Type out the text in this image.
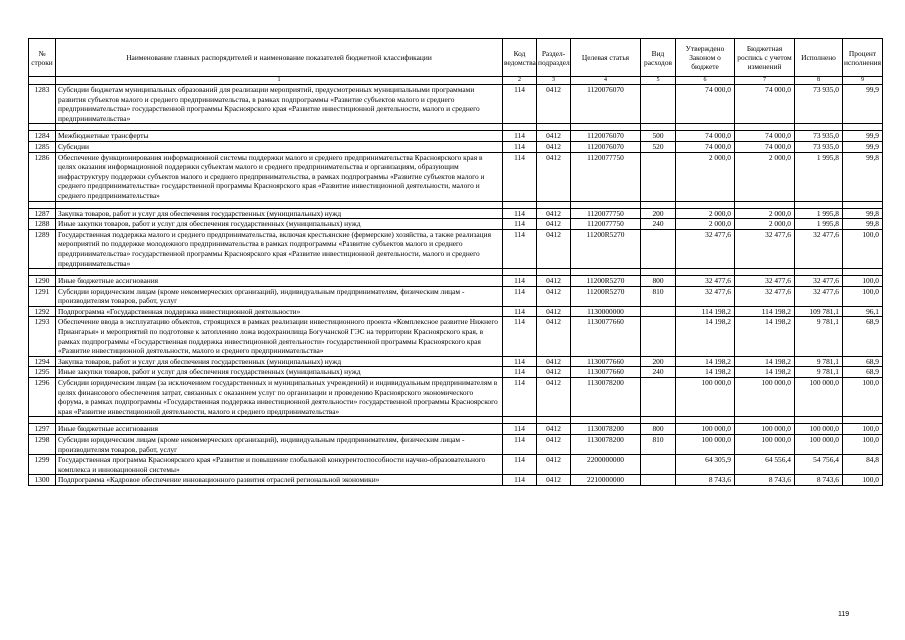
№ строки	Наименование главных распорядителей и наименование показателей бюджетной классификации	Код ведомства	Раздел-подраздел	Целевая статья	Вид расходов	Утверждено Законом о бюджете	Бюджетная роспись с учетом изменений	Исполнено	Процент исполнения
	1	2	3	4	5	6	7	8	9
1283	Субсидии бюджетам муниципальных образований для реализации мероприятий, предусмотренных муниципальными программами развития субъектов малого и среднего предпринимательства, в рамках подпрограммы «Развитие субъектов малого и среднего предпринимательства» государственной программы Красноярского края «Развитие инвестиционной деятельности, малого и среднего предпринимательства»	114	0412	1120076070		74 000,0	74 000,0	73 935,0	99,9

1284	Межбюджетные трансферты	114	0412	1120076070	500	74 000,0	74 000,0	73 935,0	99,9
1285	Субсидии	114	0412	1120076070	520	74 000,0	74 000,0	73 935,0	99,9
1286	Обеспечение функционирования информационной системы поддержки малого и среднего предпринимательства Красноярского края в целях оказания информационной поддержки субъектам малого и среднего предпринимательства и организациям, образующим инфраструктуру поддержки субъектов малого и среднего предпринимательства, в рамках подпрограммы «Развитие субъектов малого и среднего предпринимательства» государственной программы Красноярского края «Развитие инвестиционной деятельности, малого и среднего предпринимательства»	114	0412	1120077750		2 000,0	2 000,0	1 995,8	99,8

1287	Закупка товаров, работ и услуг для обеспечения государственных (муниципальных) нужд	114	0412	1120077750	200	2 000,0	2 000,0	1 995,8	99,8
1288	Иные закупки товаров, работ и услуг для обеспечения государственных (муниципальных) нужд	114	0412	1120077750	240	2 000,0	2 000,0	1 995,8	99,8
1289	Государственная поддержка малого и среднего предпринимательства, включая крестьянские (фермерские) хозяйства, а также реализация мероприятий по поддержке молодежного предпринимательства в рамках подпрограммы «Развитие субъектов малого и среднего предпринимательства» государственной программы Красноярского края «Развитие инвестиционной деятельности, малого и среднего предпринимательства»	114	0412	11200R5270		32 477,6	32 477,6	32 477,6	100,0

1290	Иные бюджетные ассигнования	114	0412	11200R5270	800	32 477,6	32 477,6	32 477,6	100,0
1291	Субсидии юридическим лицам (кроме некоммерческих организаций), индивидуальным предпринимателям, физическим лицам - производителям товаров, работ, услуг	114	0412	11200R5270	810	32 477,6	32 477,6	32 477,6	100,0
1292	Подпрограмма «Государственная поддержка инвестиционной деятельности»	114	0412	1130000000		114 198,2	114 198,2	109 781,1	96,1
1293	Обеспечение ввода в эксплуатацию объектов, строящихся в рамках реализации инвестиционного проекта «Комплексное развитие Нижнего Приангарья» и мероприятий по подготовке к затоплению ложа водохранилища Богучанской ГЭС на территории Красноярского края, в рамках подпрограммы «Государственная поддержка инвестиционной деятельности» государственной программы Красноярского края «Развитие инвестиционной деятельности, малого и среднего предпринимательства»	114	0412	1130077660		14 198,2	14 198,2	9 781,1	68,9
1294	Закупка товаров, работ и услуг для обеспечения государственных (муниципальных) нужд	114	0412	1130077660	200	14 198,2	14 198,2	9 781,1	68,9
1295	Иные закупки товаров, работ и услуг для обеспечения государственных (муниципальных) нужд	114	0412	1130077660	240	14 198,2	14 198,2	9 781,1	68,9
1296	Субсидии юридическим лицам (за исключением государственных и муниципальных учреждений) и индивидуальным предпринимателям в целях финансового обеспечения затрат, связанных с оказанием услуг по организации и проведению Красноярского экономического форума, в рамках подпрограммы «Государственная поддержка инвестиционной деятельности» государственной программы Красноярского края «Развитие инвестиционной деятельности, малого и среднего предпринимательства»	114	0412	1130078200		100 000,0	100 000,0	100 000,0	100,0

1297	Иные бюджетные ассигнования	114	0412	1130078200	800	100 000,0	100 000,0	100 000,0	100,0
1298	Субсидии юридическим лицам (кроме некоммерческих организаций), индивидуальным предпринимателям, физическим лицам - производителям товаров, работ, услуг	114	0412	1130078200	810	100 000,0	100 000,0	100 000,0	100,0
1299	Государственная программа Красноярского края «Развитие и повышение глобальной конкурентоспособности научно-образовательного комплекса и инновационной системы»	114	0412	2200000000		64 305,9	64 556,4	54 756,4	84,8
1300	Подпрограмма «Кадровое обеспечение инновационного развития отраслей региональной экономики»	114	0412	2210000000		8 743,6	8 743,6	8 743,6	100,0
119
